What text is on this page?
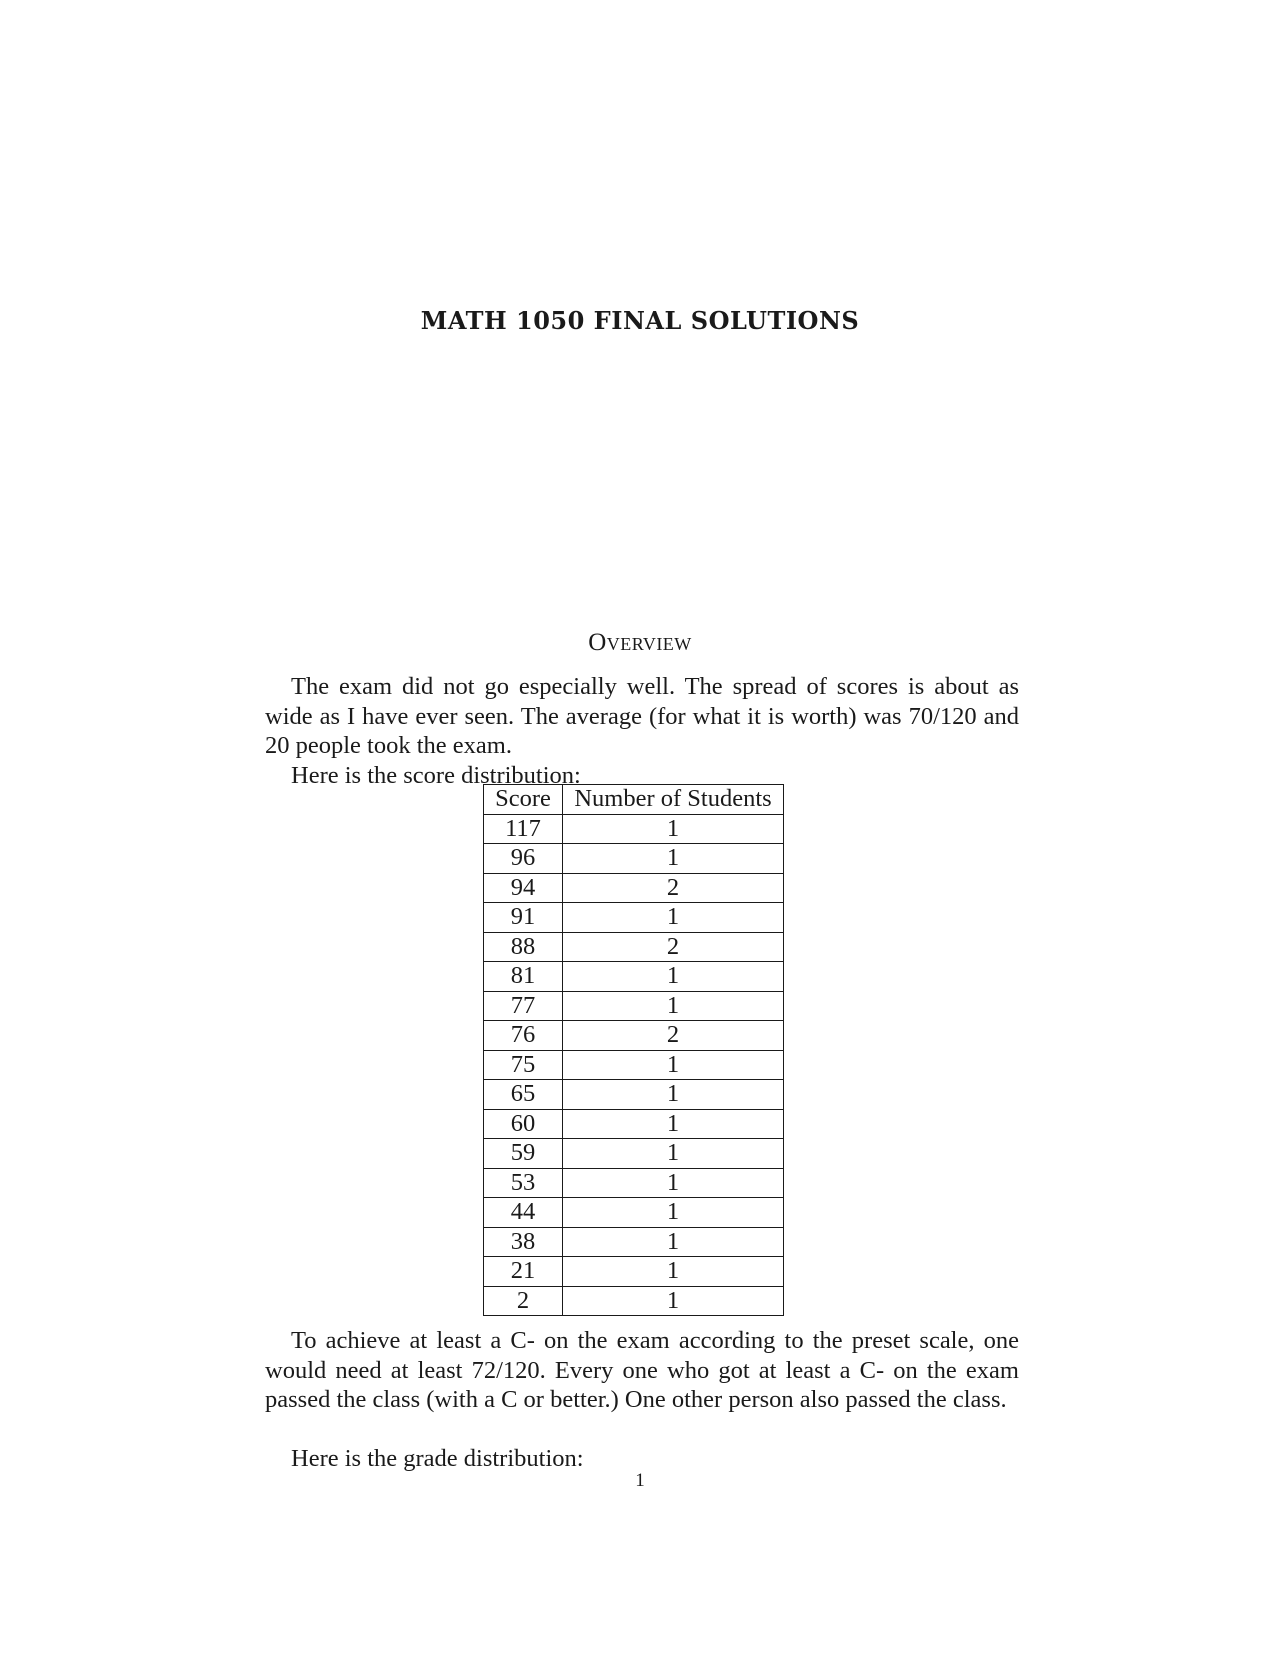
MATH 1050 FINAL SOLUTIONS
Overview

The exam did not go especially well. The spread of scores is about as wide as I have ever seen. The average (for what it is worth) was 70/120 and 20 people took the exam.

Here is the score distribution:

Score	Number of Students
117	1
96	1
94	2
91	1
88	2
81	1
77	1
76	2
75	1
65	1
60	1
59	1
53	1
44	1
38	1
21	1
2	1

To achieve at least a C- on the exam according to the preset scale, one would need at least 72/120. Every one who got at least a C- on the exam passed the class (with a C or better.) One other person also passed the class.

Here is the grade distribution:

1
